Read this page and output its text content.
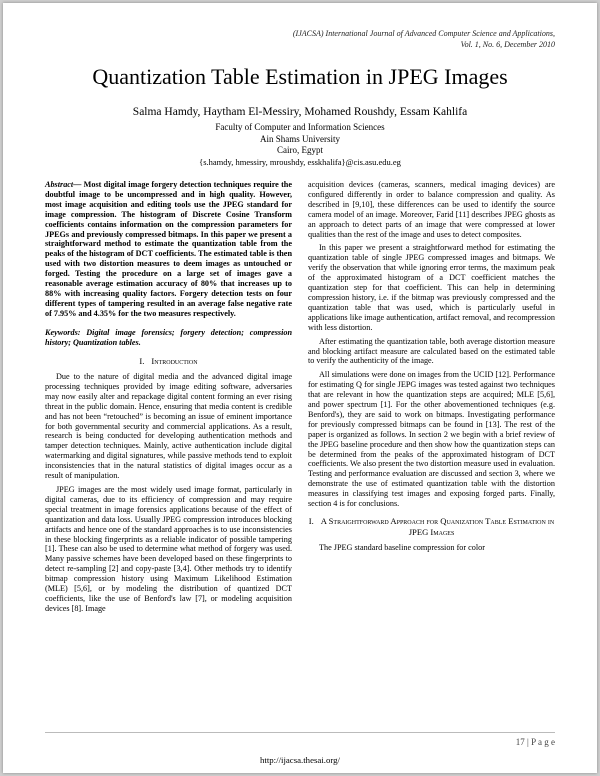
(IJACSA) International Journal of Advanced Computer Science and Applications,
Vol. 1, No. 6, December 2010
Quantization Table Estimation in JPEG Images
Salma Hamdy, Haytham El-Messiry, Mohamed Roushdy, Essam Kahlifa
Faculty of Computer and Information Sciences
Ain Shams University
Cairo, Egypt
{s.hamdy, hmessiry, mroushdy, esskhalifa}@cis.asu.edu.eg

Abstract— Most digital image forgery detection techniques require the doubtful image to be uncompressed and in high quality. However, most image acquisition and editing tools use the JPEG standard for image compression. The histogram of Discrete Cosine Transform coefficients contains information on the compression parameters for JPEGs and previously compressed bitmaps. In this paper we present a straightforward method to estimate the quantization table from the peaks of the histogram of DCT coefficients. The estimated table is then used with two distortion measures to deem images as untouched or forged. Testing the procedure on a large set of images gave a reasonable average estimation accuracy of 80% that increases up to 88% with increasing quality factors. Forgery detection tests on four different types of tampering resulted in an average false negative rate of 7.95% and 4.35% for the two measures respectively.

Keywords: Digital image forensics; forgery detection; compression history; Quantization tables.

I. Introduction

Due to the nature of digital media and the advanced digital image processing techniques provided by image editing software, adversaries may now easily alter and repackage digital content forming an ever rising threat in the public domain. Hence, ensuring that media content is credible and has not been “retouched” is becoming an issue of eminent importance for both governmental security and commercial applications. As a result, research is being conducted for developing authentication methods and tamper detection techniques. Mainly, active authentication include digital watermarking and digital signatures, while passive methods tend to exploit inconsistencies that in the natural statistics of digital images occur as a result of manipulation.

JPEG images are the most widely used image format, particularly in digital cameras, due to its efficiency of compression and may require special treatment in image forensics applications because of the effect of quantization and data loss. Usually JPEG compression introduces blocking artifacts and hence one of the standard approaches is to use inconsistencies in these blocking fingerprints as a reliable indicator of possible tampering [1]. These can also be used to determine what method of forgery was used. Many passive schemes have been developed based on these fingerprints to detect re-sampling [2] and copy-paste [3,4]. Other methods try to identify bitmap compression history using Maximum Likelihood Estimation (MLE) [5,6], or by modeling the distribution of quantized DCT coefficients, like the use of Benford's law [7], or modeling acquisition devices [8]. Image

acquisition devices (cameras, scanners, medical imaging devices) are configured differently in order to balance compression and quality. As described in [9,10], these differences can be used to identify the source camera model of an image. Moreover, Farid [11] describes JPEG ghosts as an approach to detect parts of an image that were compressed at lower qualities than the rest of the image and uses to detect composites.

In this paper we present a straightforward method for estimating the quantization table of single JPEG compressed images and bitmaps. We verify the observation that while ignoring error terms, the maximum peak of the approximated histogram of a DCT coefficient matches the quantization step for that coefficient. This can help in determining compression history, i.e. if the bitmap was previously compressed and the quantization table that was used, which is particularly useful in applications like image authentication, artifact removal, and recompression with less distortion.

After estimating the quantization table, both average distortion measure and blocking artifact measure are calculated based on the estimated table to verify the authenticity of the image.

All simulations were done on images from the UCID [12]. Performance for estimating Q for single JEPG images was tested against two techniques that are relevant in how the quantization steps are acquired; MLE [5,6], and power spectrum [1]. For the other abovementioned techniques (e.g. Benford's), they are said to work on bitmaps. Investigating performance for previously compressed bitmaps can be found in [13]. The rest of the paper is organized as follows. In section 2 we begin with a brief review of the JPEG baseline procedure and then show how the quantization steps can be determined from the peaks of the approximated histogram of DCT coefficients. We also present the two distortion measure used in evaluation. Testing and performance evaluation are discussed and section 3, where we demonstrate the use of estimated quantization table with the distortion measures in classifying test images and exposing forged parts. Finally, section 4 is for conclusions.

I. A Straightforward Approach for Quanization Table Estimation in JPEG Images

The JPEG standard baseline compression for color

17 | P a g e
http://ijacsa.thesai.org/
